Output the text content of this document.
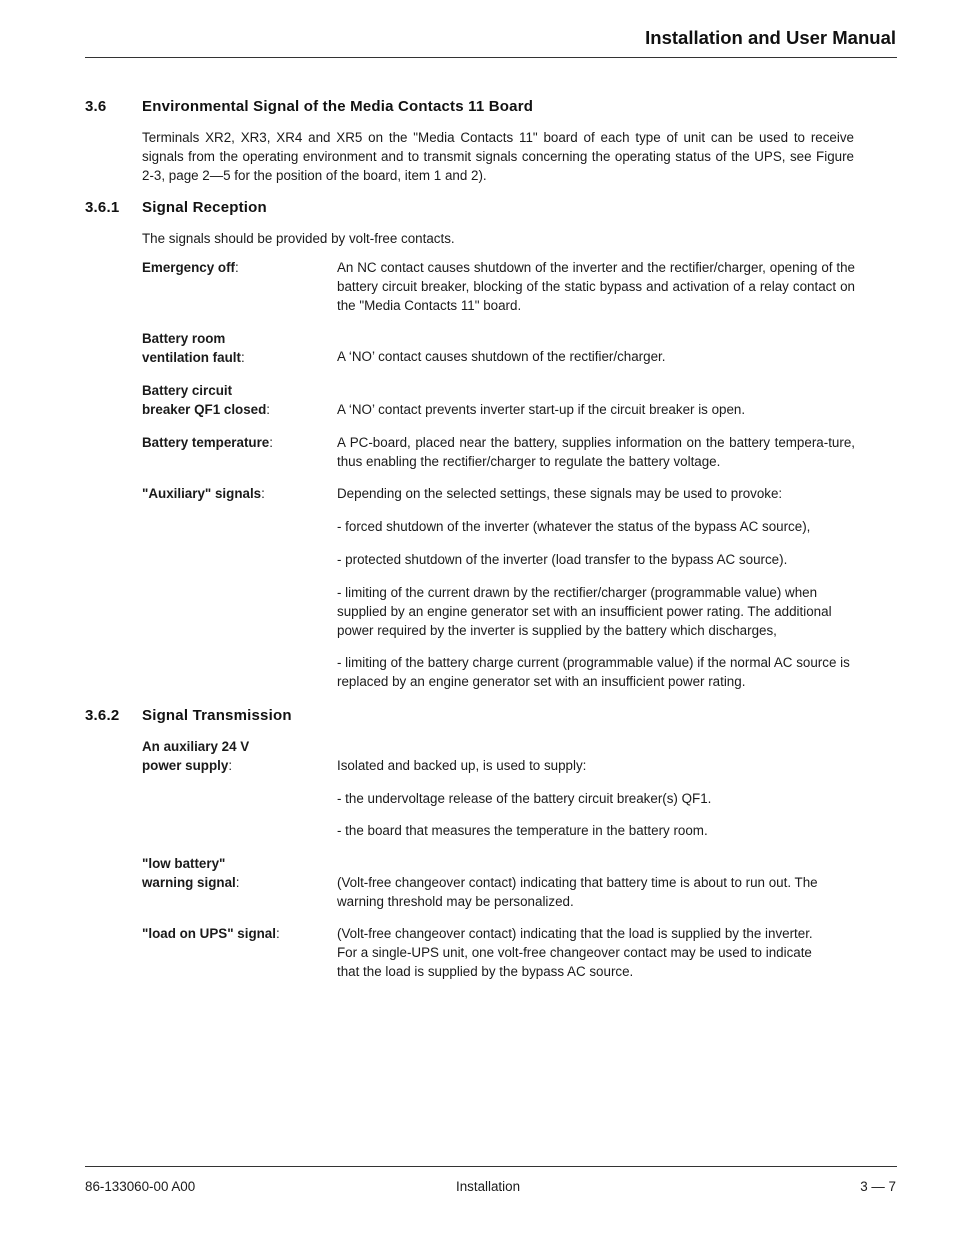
Installation and User Manual
3.6 Environmental Signal of the Media Contacts 11 Board

Terminals XR2, XR3, XR4 and XR5 on the "Media Contacts 11" board of each type of unit can be used to receive signals from the operating environment and to transmit signals concerning the operating status of the UPS, see Figure 2-3, page 2—5 for the position of the board, item 1 and 2).

3.6.1 Signal Reception

The signals should be provided by volt-free contacts.

Emergency off:	An NC contact causes shutdown of the inverter and the rectifier/charger, opening of the battery circuit breaker, blocking of the static bypass and activation of a relay contact on the "Media Contacts 11" board.
Battery room
ventilation fault:	A ‘NO’ contact causes shutdown of the rectifier/charger.
Battery circuit
breaker QF1 closed:	A ‘NO’ contact prevents inverter start-up if the circuit breaker is open.
Battery temperature:	A PC-board, placed near the battery, supplies information on the battery tempera-ture, thus enabling the rectifier/charger to regulate the battery voltage.
"Auxiliary" signals:	Depending on the selected settings, these signals may be used to provoke:
- forced shutdown of the inverter (whatever the status of the bypass AC source),
- protected shutdown of the inverter (load transfer to the bypass AC source).
- limiting of the current drawn by the rectifier/charger (programmable value) when supplied by an engine generator set with an insufficient power rating. The additional power required by the inverter is supplied by the battery which discharges,
- limiting of the battery charge current (programmable value) if the normal AC source is replaced by an engine generator set with an insufficient power rating.
3.6.2 Signal Transmission
An auxiliary 24 V
power supply:	Isolated and backed up, is used to supply:
- the undervoltage release of the battery circuit breaker(s) QF1.
- the board that measures the temperature in the battery room.
"low battery"
warning signal:	(Volt-free changeover contact) indicating that battery time is about to run out. The warning threshold may be personalized.
"load on UPS" signal:	(Volt-free changeover contact) indicating that the load is supplied by the inverter. For a single-UPS unit, one volt-free changeover contact may be used to indicate that the load is supplied by the bypass AC source.
86-133060-00 A00	Installation	3 — 7
